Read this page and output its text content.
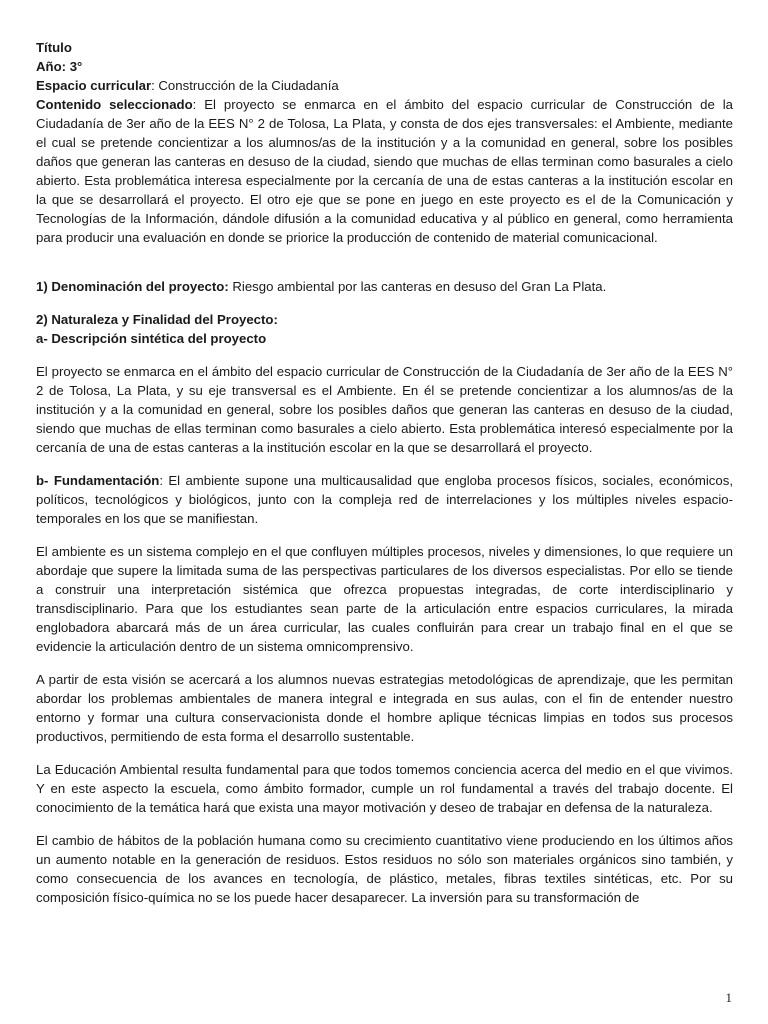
Título

Año: 3°

Espacio curricular: Construcción de la Ciudadanía

Contenido seleccionado: El proyecto se enmarca en el ámbito del espacio curricular de Construcción de la Ciudadanía de 3er año de la EES N° 2 de Tolosa, La Plata, y consta de dos ejes transversales: el Ambiente, mediante el cual se pretende concientizar a los alumnos/as de la institución y a la comunidad en general, sobre los posibles daños que generan las canteras en desuso de la ciudad, siendo que muchas de ellas terminan como basurales a cielo abierto. Esta problemática interesa especialmente por la cercanía de una de estas canteras a la institución escolar en la que se desarrollará el proyecto. El otro eje que se pone en juego en este proyecto es el de la Comunicación y Tecnologías de la Información, dándole difusión a la comunidad educativa y al público en general, como herramienta para producir una evaluación en donde se priorice la producción de contenido de material comunicacional.

1) Denominación del proyecto: Riesgo ambiental por las canteras en desuso del Gran La Plata.

2) Naturaleza y Finalidad del Proyecto:

a- Descripción sintética del proyecto

El proyecto se enmarca en el ámbito del espacio curricular de Construcción de la Ciudadanía de 3er año de la EES N° 2 de Tolosa, La Plata, y su eje transversal es el Ambiente. En él se pretende concientizar a los alumnos/as de la institución y a la comunidad en general, sobre los posibles daños que generan las canteras en desuso de la ciudad, siendo que muchas de ellas terminan como basurales a cielo abierto. Esta problemática interesó especialmente por la cercanía de una de estas canteras a la institución escolar en la que se desarrollará el proyecto.

b- Fundamentación: El ambiente supone una multicausalidad que engloba procesos físicos, sociales, económicos, políticos, tecnológicos y biológicos, junto con la compleja red de interrelaciones y los múltiples niveles espacio-temporales en los que se manifiestan.

El ambiente es un sistema complejo en el que confluyen múltiples procesos, niveles y dimensiones, lo que requiere un abordaje que supere la limitada suma de las perspectivas particulares de los diversos especialistas. Por ello se tiende a construir una interpretación sistémica que ofrezca propuestas integradas, de corte interdisciplinario y transdisciplinario. Para que los estudiantes sean parte de la articulación entre espacios curriculares, la mirada englobadora abarcará más de un área curricular, las cuales confluirán para crear un trabajo final en el que se evidencie la articulación dentro de un sistema omnicomprensivo.

A partir de esta visión se acercará a los alumnos nuevas estrategias metodológicas de aprendizaje, que les permitan abordar los problemas ambientales de manera integral e integrada en sus aulas, con el fin de entender nuestro entorno y formar una cultura conservacionista donde el hombre aplique técnicas limpias en todos sus procesos productivos, permitiendo de esta forma el desarrollo sustentable.

La Educación Ambiental resulta fundamental para que todos tomemos conciencia acerca del medio en el que vivimos. Y en este aspecto la escuela, como ámbito formador, cumple un rol fundamental a través del trabajo docente. El conocimiento de la temática hará que exista una mayor motivación y deseo de trabajar en defensa de la naturaleza.

El cambio de hábitos de la población humana como su crecimiento cuantitativo viene produciendo en los últimos años un aumento notable en la generación de residuos. Estos residuos no sólo son materiales orgánicos sino también, y como consecuencia de los avances en tecnología, de plástico, metales, fibras textiles sintéticas, etc. Por su composición físico-química no se los puede hacer desaparecer. La inversión para su transformación de

1
